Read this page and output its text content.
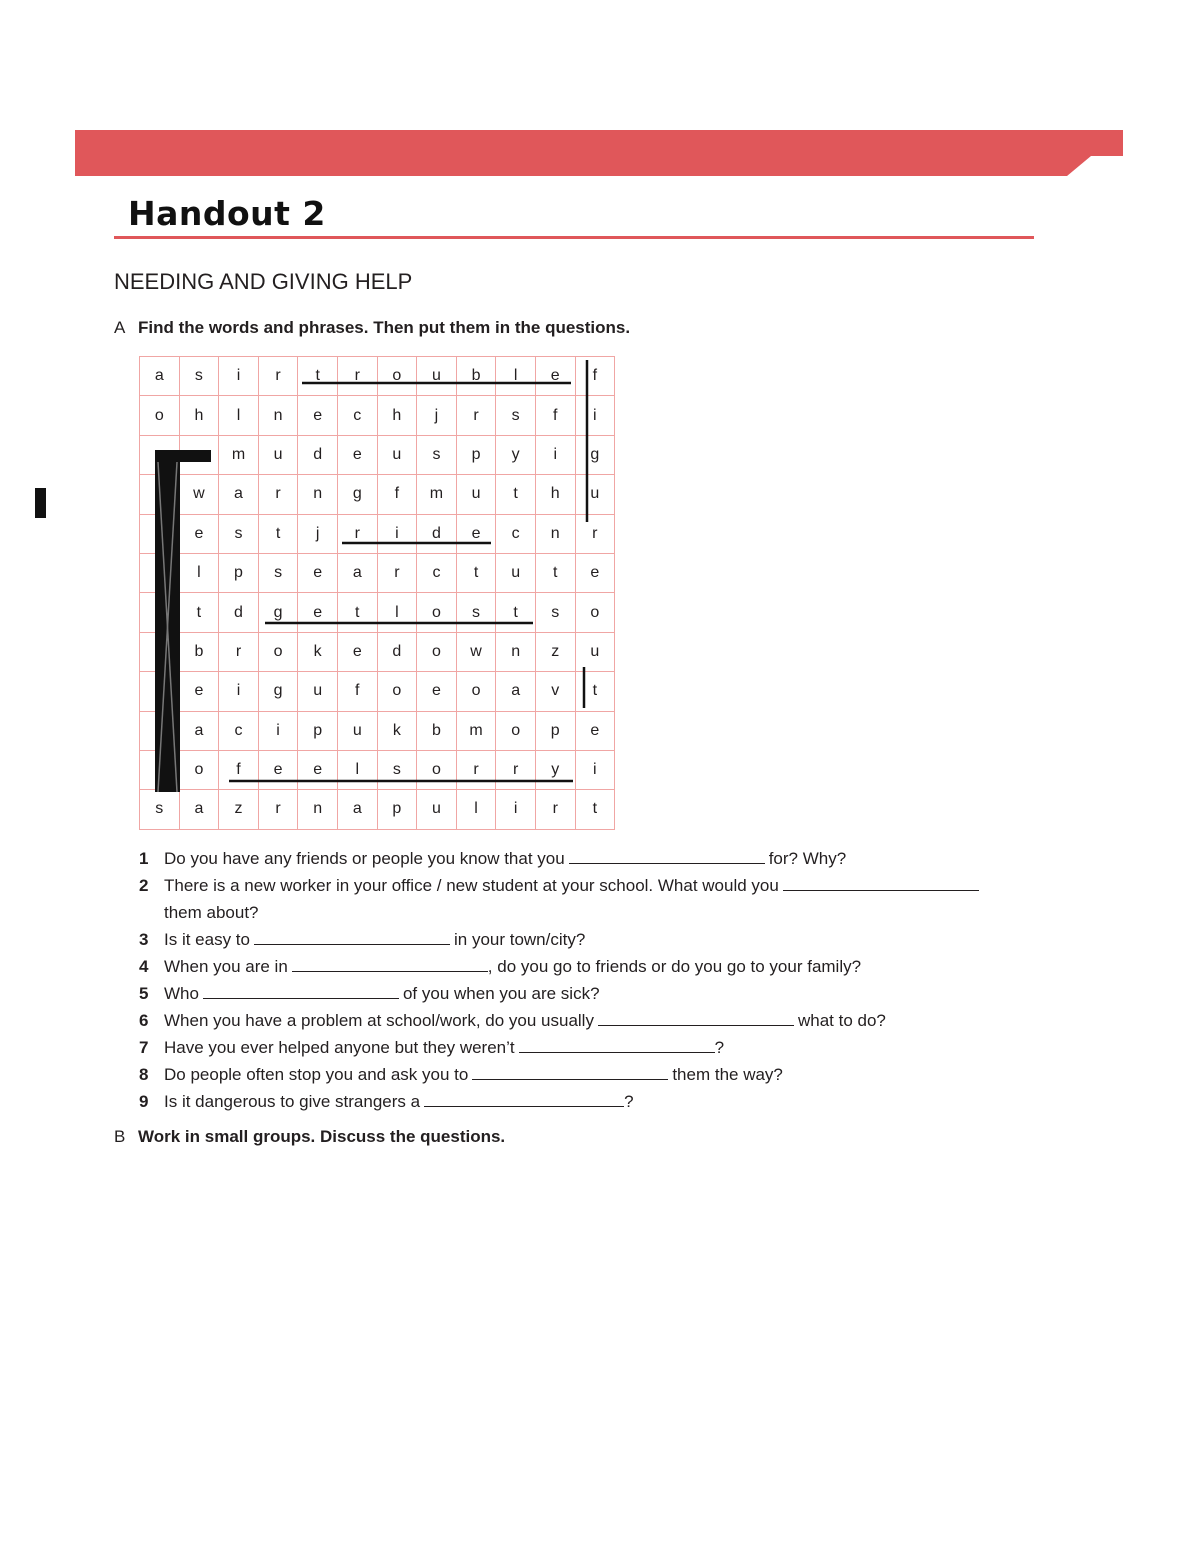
Handout 2
NEEDING AND GIVING HELP
A Find the words and phrases. Then put them in the questions.
a	s	i	r	t	r	o	u	b	l	e	f
o	h	l	n	e	c	h	j	r	s	f	i
		m	u	d	e	u	s	p	y	i	g
	w	a	r	n	g	f	m	u	t	h	u
	e	s	t	j	r	i	d	e	c	n	r
	l	p	s	e	a	r	c	t	u	t	e
	t	d	g	e	t	l	o	s	t	s	o
	b	r	o	k	e	d	o	w	n	z	u
	e	i	g	u	f	o	e	o	a	v	t
	a	c	i	p	u	k	b	m	o	p	e
	o	f	e	e	l	s	o	r	r	y	i
s	a	z	r	n	a	p	u	l	i	r	t
1 Do you have any friends or people you know that you	for? Why?
2 There is a new worker in your office / new student at your school. What would you
them about?
3 Is it easy to	in your town/city?
4 When you are in	, do you go to friends or do you go to your family?
5 Who	of you when you are sick?
6 When you have a problem at school/work, do you usually	what to do?
7 Have you ever helped anyone but they weren’t	?
8 Do people often stop you and ask you to	them the way?
9 Is it dangerous to give strangers a	?
B Work in small groups. Discuss the questions.
